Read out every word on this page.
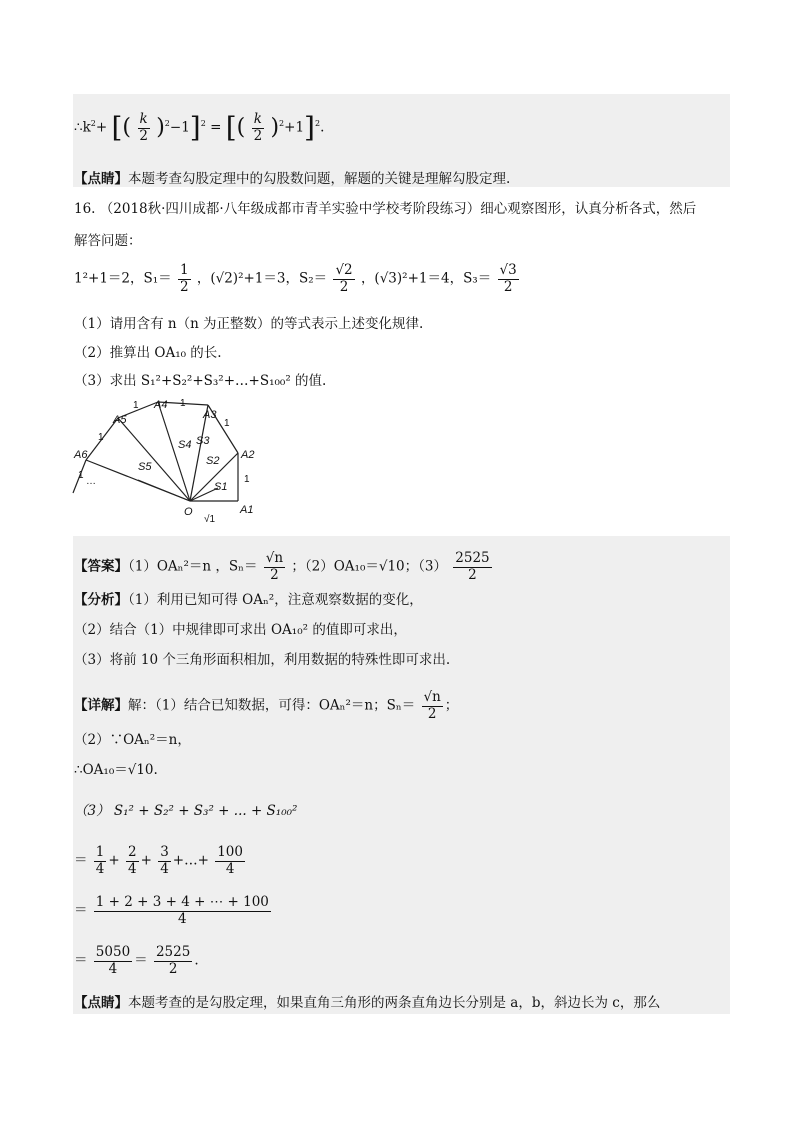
$\therefore k^2+$ [( $\frac{k}{2} )^2-1]^2$ = [( $\frac{k}{2} )^2+1]^2$.
【点睛】本题考查勾股定理中的勾股数问题，解题的关键是理解勾股定理.
16. （2018秋·四川成都·八年级成都市青羊实验中学校考阶段练习）细心观察图形，认真分析各式，然后
解答问题：
1²+1＝2，$S_1= \frac{1}{2}$ ，(√2)²+1＝3，$S_2= \frac{√2}{2}$ ，(√3)²+1＝4，$S_3= \frac{√3}{2}$
（1）请用含有 n（n 为正整数）的等式表示上述变化规律.
（2）推算出 OA₁₀ 的长.
（3）求出 S₁²+S₂²+S₃²+…+S₁₀₀² 的值.
A4
A3
A5
A2
A6
A1
O
S4 S3
S5	S2
S1
1	1
1
1
1
1
√1
…
【答案】（1）OAₙ²＝n ，$S_n= \frac{√n}{2}$ ；（2）OA₁₀＝√10；$(3) \frac{2525}{2}$
【分析】（1）利用已知可得 OAₙ²，注意观察数据的变化，
（2）结合（1）中规律即可求出 OA₁₀² 的值即可求出，
（3）将前 10 个三角形面积相加，利用数据的特殊性即可求出.
【详解】解：（1）结合已知数据，可得：OAₙ²＝n；$S_n= \frac{√n}{2}$ ；
（2）∵OAₙ²＝n，
∴OA₁₀＝√10.
（3） S₁² + S₂² + S₃² + ... + S₁₀₀²
＝ $\frac{1}{4} + \frac{2}{4} + \frac{3}{4}$ +…+ $\frac{100}{4}$
＝ $\frac{1 + 2 + 3 + 4 + \cdots + 100}{4}$
＝ $\frac{5050}{4} = \frac{2525}{2}$ .
【点睛】本题考查的是勾股定理，如果直角三角形的两条直角边长分别是 a，b，斜边长为 c，那么
